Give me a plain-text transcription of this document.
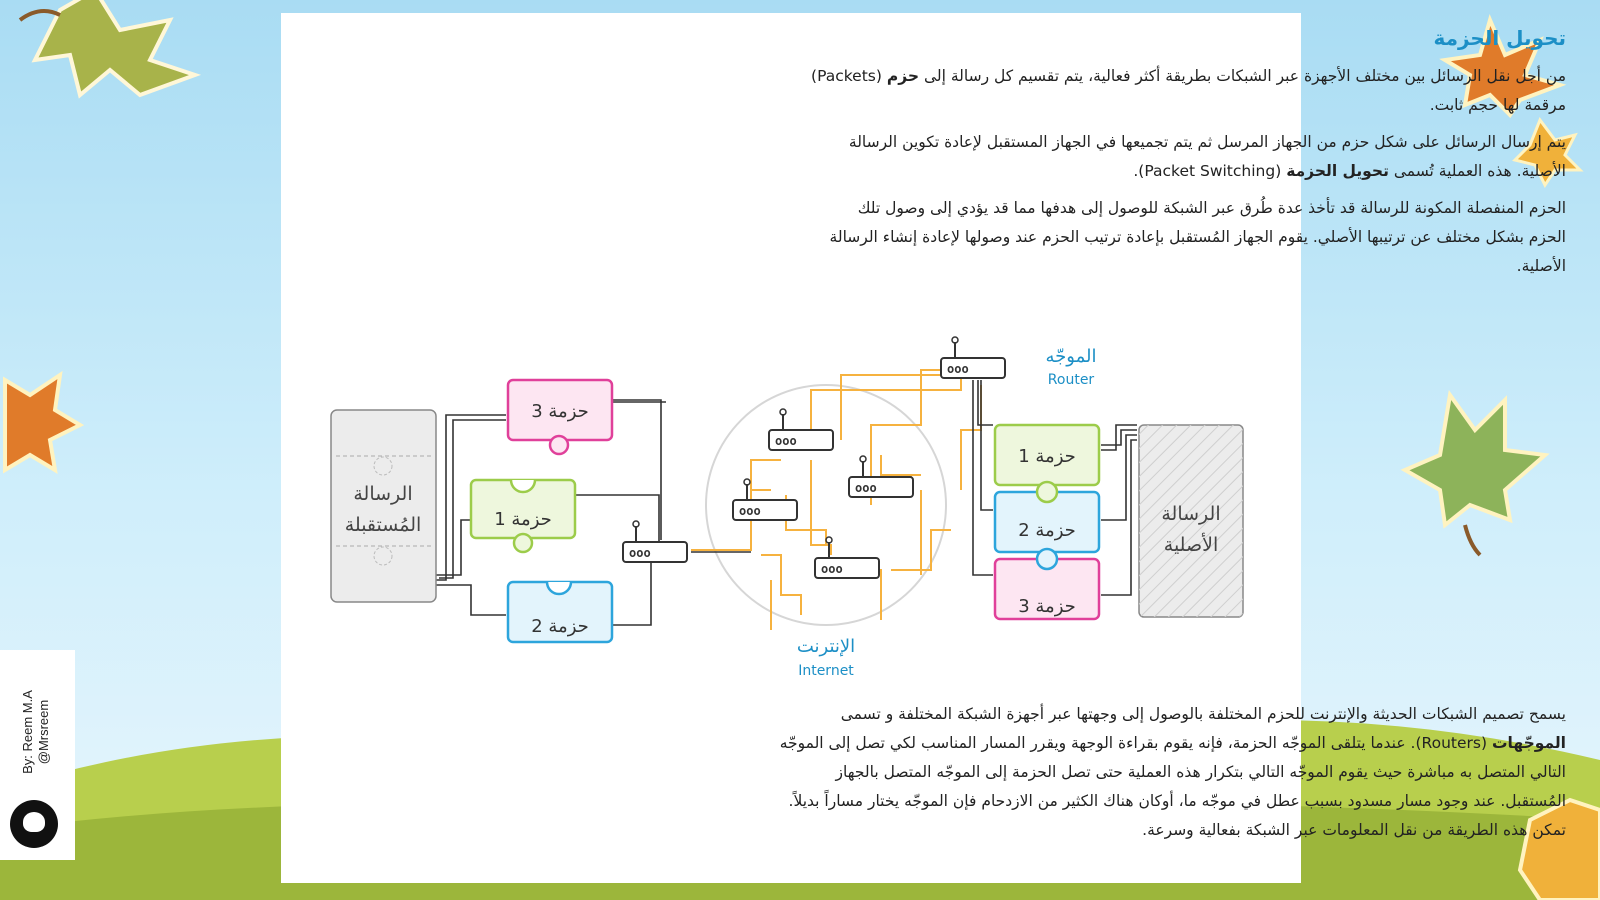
تحويل الحزمة
من أجل نقل الرسائل بين مختلف الأجهزة عبر الشبكات بطريقة أكثر فعالية، يتم تقسيم كل رسالة إلى حزم (Packets)
مرقمة لها حجم ثابت.
يتم إرسال الرسائل على شكل حزم من الجهاز المرسل ثم يتم تجميعها في الجهاز المستقبل لإعادة تكوين الرسالة
الأصلية. هذه العملية تُسمى تحويل الحزمة (Packet Switching).
الحزم المنفصلة المكونة للرسالة قد تأخذ عدة طُرق عبر الشبكة للوصول إلى هدفها مما قد يؤدي إلى وصول تلك
الحزم بشكل مختلف عن ترتيبها الأصلي. يقوم الجهاز المُستقبل بإعادة ترتيب الحزم عند وصولها لإعادة إنشاء الرسالة
الأصلية.
الرسالة
المُستقبلة
حزمة 3
حزمة 1
حزمة 2
ooo
ooo
ooo
ooo
ooo
ooo
الموجّه
Router
الإنترنت
Internet
حزمة 1
حزمة 2
حزمة 3
الرسالة
الأصلية
يسمح تصميم الشبكات الحديثة والإنترنت للحزم المختلفة بالوصول إلى وجهتها عبر أجهزة الشبكة المختلفة و تسمى
الموجّهات (Routers). عندما يتلقى الموجّه الحزمة، فإنه يقوم بقراءة الوجهة ويقرر المسار المناسب لكي تصل إلى الموجّه
التالي المتصل به مباشرة حيث يقوم الموجّه التالي بتكرار هذه العملية حتى تصل الحزمة إلى الموجّه المتصل بالجهاز
المُستقبل. عند وجود مسار مسدود بسبب عطل في موجّه ما، أوكان هناك الكثير من الازدحام فإن الموجّه يختار مساراً بديلاً.
تمكن هذه الطريقة من نقل المعلومات عبر الشبكة بفعالية وسرعة.
By: Reem M.A @Mrsreem
